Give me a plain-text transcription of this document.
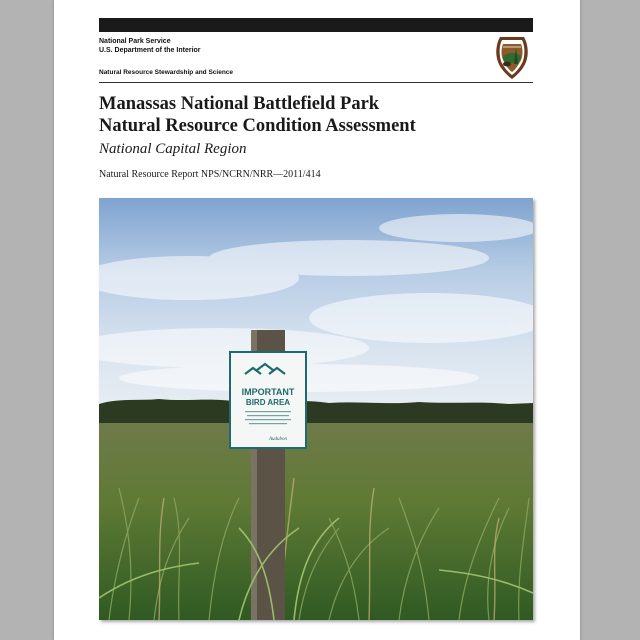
National Park Service
U.S. Department of the Interior
Natural Resource Stewardship and Science
Manassas National Battlefield Park
Natural Resource Condition Assessment
National Capital Region
Natural Resource Report NPS/NCRN/NRR—2011/414
IMPORTANT
BIRD AREA
Audubon
